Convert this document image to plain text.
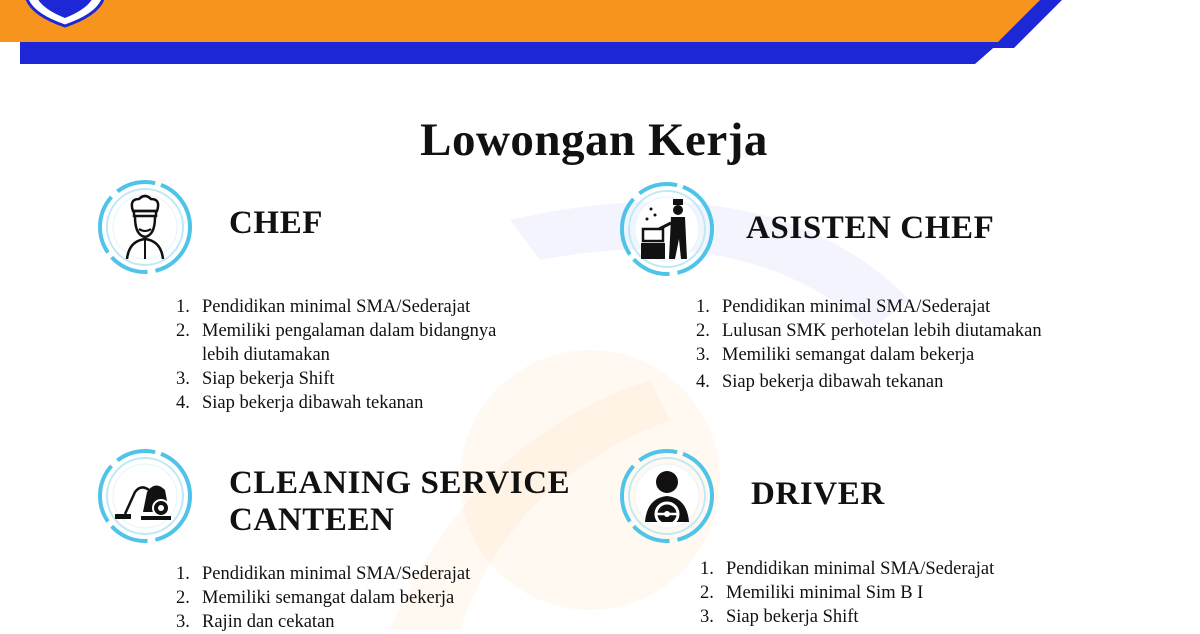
Lowongan Kerja
CHEF
1. Pendidikan minimal SMA/Sederajat
2. Memiliki pengalaman dalam bidangnya
lebih diutamakan
3. Siap bekerja Shift
4. Siap bekerja dibawah tekanan
ASISTEN CHEF
1. Pendidikan minimal SMA/Sederajat
2. Lulusan SMK perhotelan lebih diutamakan
3. Memiliki semangat dalam bekerja
4. Siap bekerja dibawah tekanan
CLEANING SERVICE
CANTEEN
1. Pendidikan minimal SMA/Sederajat
2. Memiliki semangat dalam bekerja
3. Rajin dan cekatan
DRIVER
1. Pendidikan minimal SMA/Sederajat
2. Memiliki minimal Sim B I
3. Siap bekerja Shift
